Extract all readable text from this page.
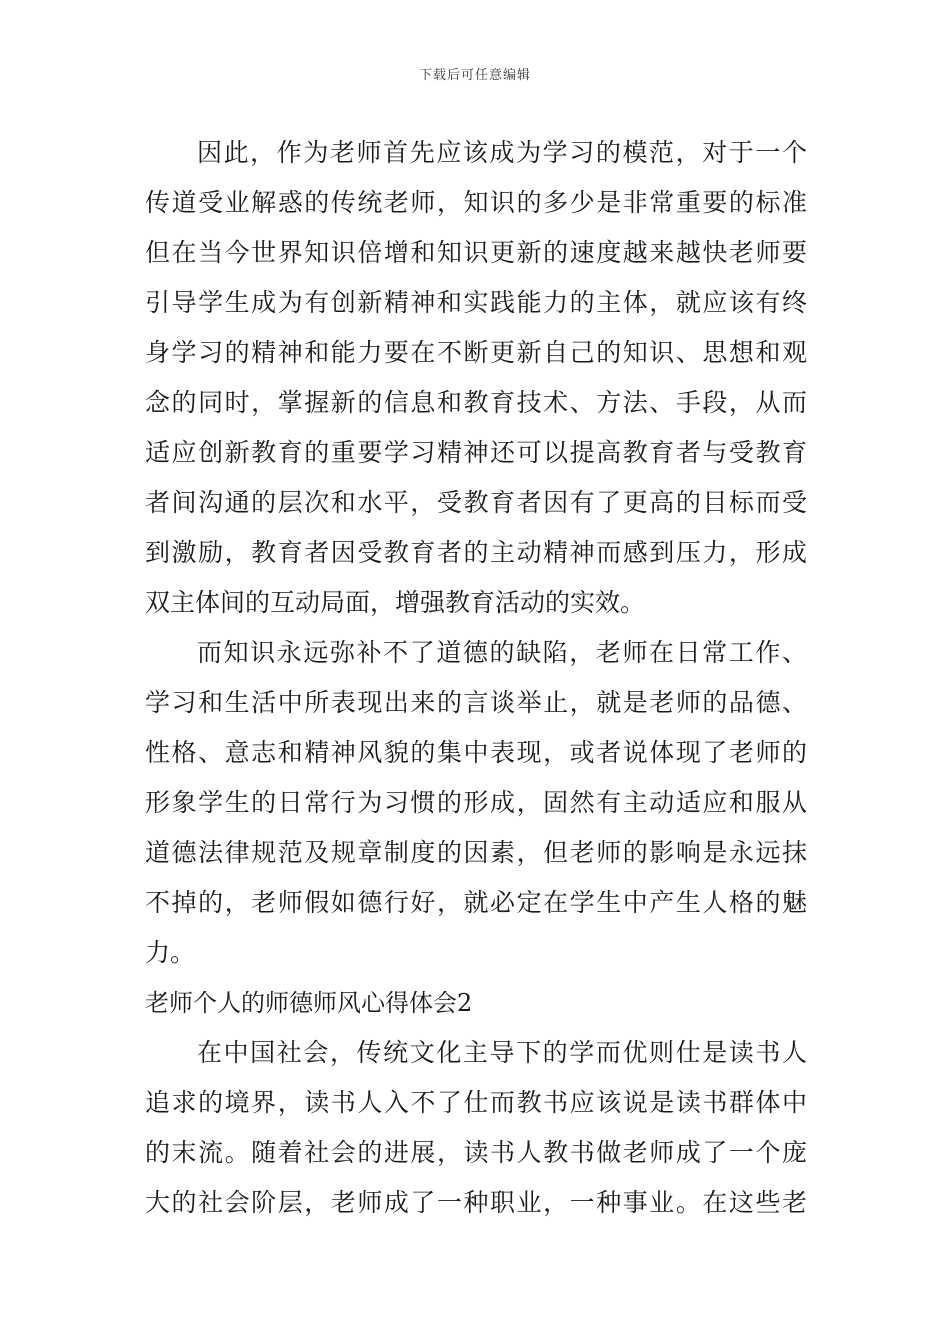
下载后可任意编辑
因此，作为老师首先应该成为学习的模范，对于一个
传道受业解惑的传统老师，知识的多少是非常重要的标准
但在当今世界知识倍增和知识更新的速度越来越快老师要
引导学生成为有创新精神和实践能力的主体，就应该有终
身学习的精神和能力要在不断更新自己的知识、思想和观
念的同时，掌握新的信息和教育技术、方法、手段，从而
适应创新教育的重要学习精神还可以提高教育者与受教育
者间沟通的层次和水平，受教育者因有了更高的目标而受
到激励，教育者因受教育者的主动精神而感到压力，形成
双主体间的互动局面，增强教育活动的实效。
而知识永远弥补不了道德的缺陷，老师在日常工作、
学习和生活中所表现出来的言谈举止，就是老师的品德、
性格、意志和精神风貌的集中表现，或者说体现了老师的
形象学生的日常行为习惯的形成，固然有主动适应和服从
道德法律规范及规章制度的因素，但老师的影响是永远抹
不掉的，老师假如德行好，就必定在学生中产生人格的魅
力。
老师个人的师德师风心得体会2
在中国社会，传统文化主导下的学而优则仕是读书人
追求的境界，读书人入不了仕而教书应该说是读书群体中
的末流。随着社会的进展，读书人教书做老师成了一个庞
大的社会阶层，老师成了一种职业，一种事业。在这些老
